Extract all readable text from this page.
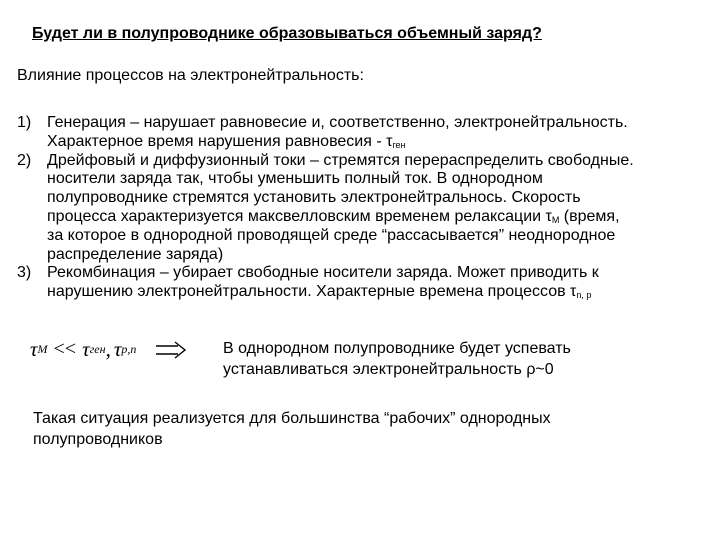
Будет ли в полупроводнике образовываться объемный заряд?
Влияние процессов на электронейтральность:
1) Генерация – нарушает равновесие и, соответственно, электронейтральность.
Характерное время нарушения равновесия - $\tau_{ген}$
2) Дрейфовый и диффузионный токи – стремятся перераспределить свободные.
носители заряда так, чтобы уменьшить полный ток. В однородном
полупроводнике стремятся установить электронейтральнось. Скорость
процесса характеризуется максвелловским временем релаксации $\tau_M$ (время,
за которое в однородной проводящей среде “рассасывается” неоднородное
распределение заряда)
3) Рекомбинация – убирает свободные носители заряда. Может приводить к
нарушению электронейтральности. Характерные времена процессов $\tau_{n, p}$
τ M << τ ген , τ p,n	В однородном полупроводнике будет успевать
устанавливаться электронейтральность ρ~0
Такая ситуация реализуется для большинства “рабочих” однородных
полупроводников
